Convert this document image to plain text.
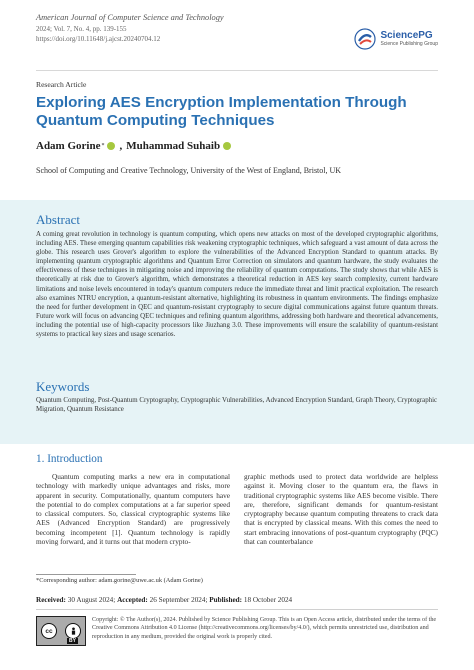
American Journal of Computer Science and Technology
2024; Vol. 7, No. 4, pp. 139-155
https://doi.org/10.11648/j.ajcst.20240704.12	SciencePG
Science Publishing Group
Research Article
Exploring AES Encryption Implementation Through Quantum Computing Techniques
Adam Gorine * , Muhammad Suhaib
School of Computing and Creative Technology, University of the West of England, Bristol, UK
Abstract
A coming great revolution in technology is quantum computing, which opens new attacks on most of the developed cryptographic algorithms, including AES. These emerging quantum capabilities risk weakening cryptographic techniques, which safeguard a vast amount of data across the globe. This research uses Grover's algorithm to explore the vulnerabilities of the Advanced Encryption Standard to quantum attacks. By implementing quantum cryptographic algorithms and Quantum Error Correction on simulators and quantum hardware, the study evaluates the effectiveness of these techniques in mitigating noise and improving the reliability of quantum computations. The study shows that while AES is theoretically at risk due to Grover's algorithm, which demonstrates a theoretical reduction in AES key search complexity, current hardware limitations and noise levels encountered in today's quantum computers reduce the immediate threat and limit practical exploitation. The research also examines NTRU encryption, a quantum-resistant alternative, highlighting its robustness in quantum environments. The findings emphasize the need for further development in QEC and quantum-resistant cryptography to secure digital communications against future quantum threats. Future work will focus on advancing QEC techniques and refining quantum algorithms, addressing both hardware and theoretical advancements, including the potential use of high-capacity processors like Jiuzhang 3.0. These improvements will ensure the scalability of quantum-resistant systems to practical key sizes and usage scenarios.
Keywords
Quantum Computing, Post-Quantum Cryptography, Cryptographic Vulnerabilities, Advanced Encryption Standard, Graph Theory, Cryptographic Migration, Quantum Resistance
1. Introduction
Quantum computing marks a new era in computational technology with markedly unique advantages and risks, more apparent in security. Computationally, quantum computers have the potential to do complex computations at a far superior speed to classical computers. So, classical cryptographic systems like AES (Advanced Encryption Standard) are progressively becoming incompetent [1]. Quantum technology is rapidly moving forward, and it turns out that modern crypto-
graphic methods used to protect data worldwide are helpless against it. Moving closer to the quantum era, the flaws in traditional cryptographic systems like AES become visible. There are, therefore, significant demands for quantum-resistant cryptography because quantum computing threatens to crack data that is encrypted by classical means. With this comes the need to start embracing innovations of post-quantum cryptography (PQC) that can counterbalance
*Corresponding author: adam.gorine@uwe.ac.uk (Adam Gorine)
Received: 30 August 2024; Accepted: 26 September 2024; Published: 18 October 2024
cc
BY
Copyright: © The Author(s), 2024. Published by Science Publishing Group. This is an Open Access article, distributed under the terms of the Creative Commons Attribution 4.0 License (http://creativecommons.org/licenses/by/4.0/), which permits unrestricted use, distribution and reproduction in any medium, provided the original work is properly cited.
